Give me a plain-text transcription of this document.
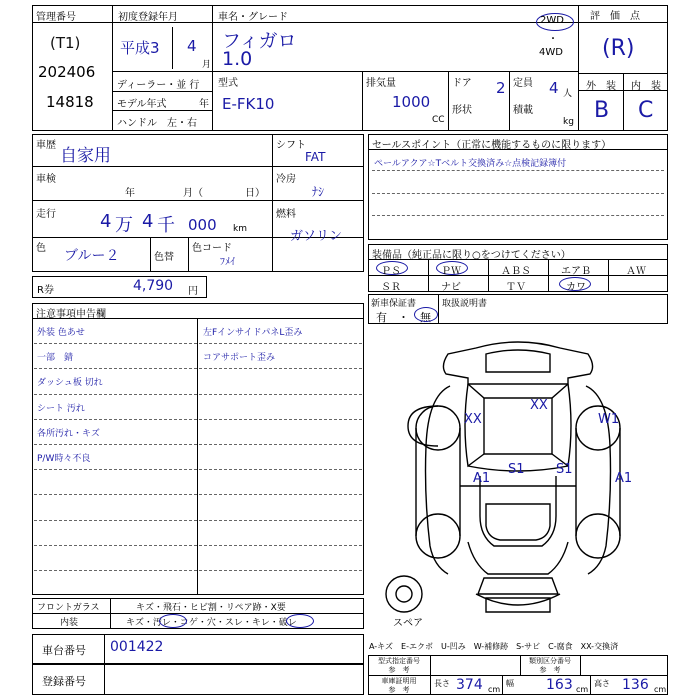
管理番号
(T1)
202406
14818
初度登録年月
平成3 4
月
ディーラー・並 行
モデル年式	年
ハンドル　左・右
車名・グレード
フィガロ
1.0
2WD
・
4WD
評　価　点
(R)
外　装 内　装
B C
型式
E-FK10
排気量
1000
CC
ドア 2
形状
定員 4 人
積載
kg
車歴
自家用
シフト
FAT
車検
年	月（	日）
冷房
ﾅｼ
走行 4 万 4 千 000 km
燃料
ガソリン
色 ブルー２	色替
色コード
ﾌﾒｲ
R券	4,790 円
セールスポイント（正常に機能するものに限ります）
ペールアクア☆Tベルト交換済み☆点検記録簿付
装備品（純正品に限り○をつけてください）
ＰＳ	ＰＷ	ＡＢＳ	エアＢ	ＡＷ
ＳＲ	ナビ	ＴＶ	カワ
新車保証書
有　・　無
取扱説明書
注意事項申告欄
外装 色あせ	左FインサイドパネL歪み
一部　錆	コアサポート歪み
ダッシュ板 切れ
シート 汚れ
各所汚れ・キズ
P/W時々不良
XX
XX
W1
A1
S1 S1
A1
スペア
フロントガラス	キズ・飛石・ヒビ割・リペア跡・X要
内装	キズ・汚レ・コゲ・穴・スレ・キレ・破レ
車台番号 001422
登録番号
A-キズ　E-エクボ　U-凹み　W-補修跡　S-サビ　C-腐食　XX-交換済
型式指定番号
参　考
類別区分番号
参　考
車庫証明用
参　考
長さ 374 cm
幅 163 cm
高さ 136 cm
